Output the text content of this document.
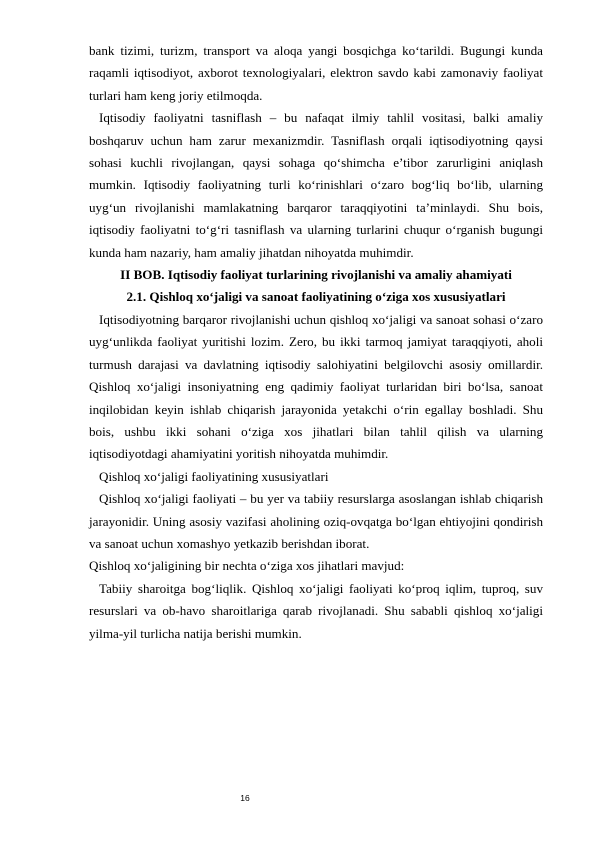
bank tizimi, turizm, transport va aloqa yangi bosqichga ko‘tarildi. Bugungi kunda raqamli iqtisodiyot, axborot texnologiyalari, elektron savdo kabi zamonaviy faoliyat turlari ham keng joriy etilmoqda.

Iqtisodiy faoliyatni tasniflash – bu nafaqat ilmiy tahlil vositasi, balki amaliy boshqaruv uchun ham zarur mexanizmdir. Tasniflash orqali iqtisodiyotning qaysi sohasi kuchli rivojlangan, qaysi sohaga qo‘shimcha e’tibor zarurligini aniqlash mumkin. Iqtisodiy faoliyatning turli ko‘rinishlari o‘zaro bog‘liq bo‘lib, ularning uyg‘un rivojlanishi mamlakatning barqaror taraqqiyotini ta’minlaydi. Shu bois, iqtisodiy faoliyatni to‘g‘ri tasniflash va ularning turlarini chuqur o‘rganish bugungi kunda ham nazariy, ham amaliy jihatdan nihoyatda muhimdir.

II BOB. Iqtisodiy faoliyat turlarining rivojlanishi va amaliy ahamiyati

2.1. Qishloq xo‘jaligi va sanoat faoliyatining o‘ziga xos xususiyatlari

Iqtisodiyotning barqaror rivojlanishi uchun qishloq xo‘jaligi va sanoat sohasi o‘zaro uyg‘unlikda faoliyat yuritishi lozim. Zero, bu ikki tarmoq jamiyat taraqqiyoti, aholi turmush darajasi va davlatning iqtisodiy salohiyatini belgilovchi asosiy omillardir. Qishloq xo‘jaligi insoniyatning eng qadimiy faoliyat turlaridan biri bo‘lsa, sanoat inqilobidan keyin ishlab chiqarish jarayonida yetakchi o‘rin egallay boshladi. Shu bois, ushbu ikki sohani o‘ziga xos jihatlari bilan tahlil qilish va ularning iqtisodiyotdagi ahamiyatini yoritish nihoyatda muhimdir.

Qishloq xo‘jaligi faoliyatining xususiyatlari

Qishloq xo‘jaligi faoliyati – bu yer va tabiiy resurslarga asoslangan ishlab chiqarish jarayonidir. Uning asosiy vazifasi aholining oziq-ovqatga bo‘lgan ehtiyojini qondirish va sanoat uchun xomashyo yetkazib berishdan iborat.

Qishloq xo‘jaligining bir nechta o‘ziga xos jihatlari mavjud:

Tabiiy sharoitga bog‘liqlik. Qishloq xo‘jaligi faoliyati ko‘proq iqlim, tuproq, suv resurslari va ob-havo sharoitlariga qarab rivojlanadi. Shu sababli qishloq xo‘jaligi yilma-yil turlicha natija berishi mumkin.

16
